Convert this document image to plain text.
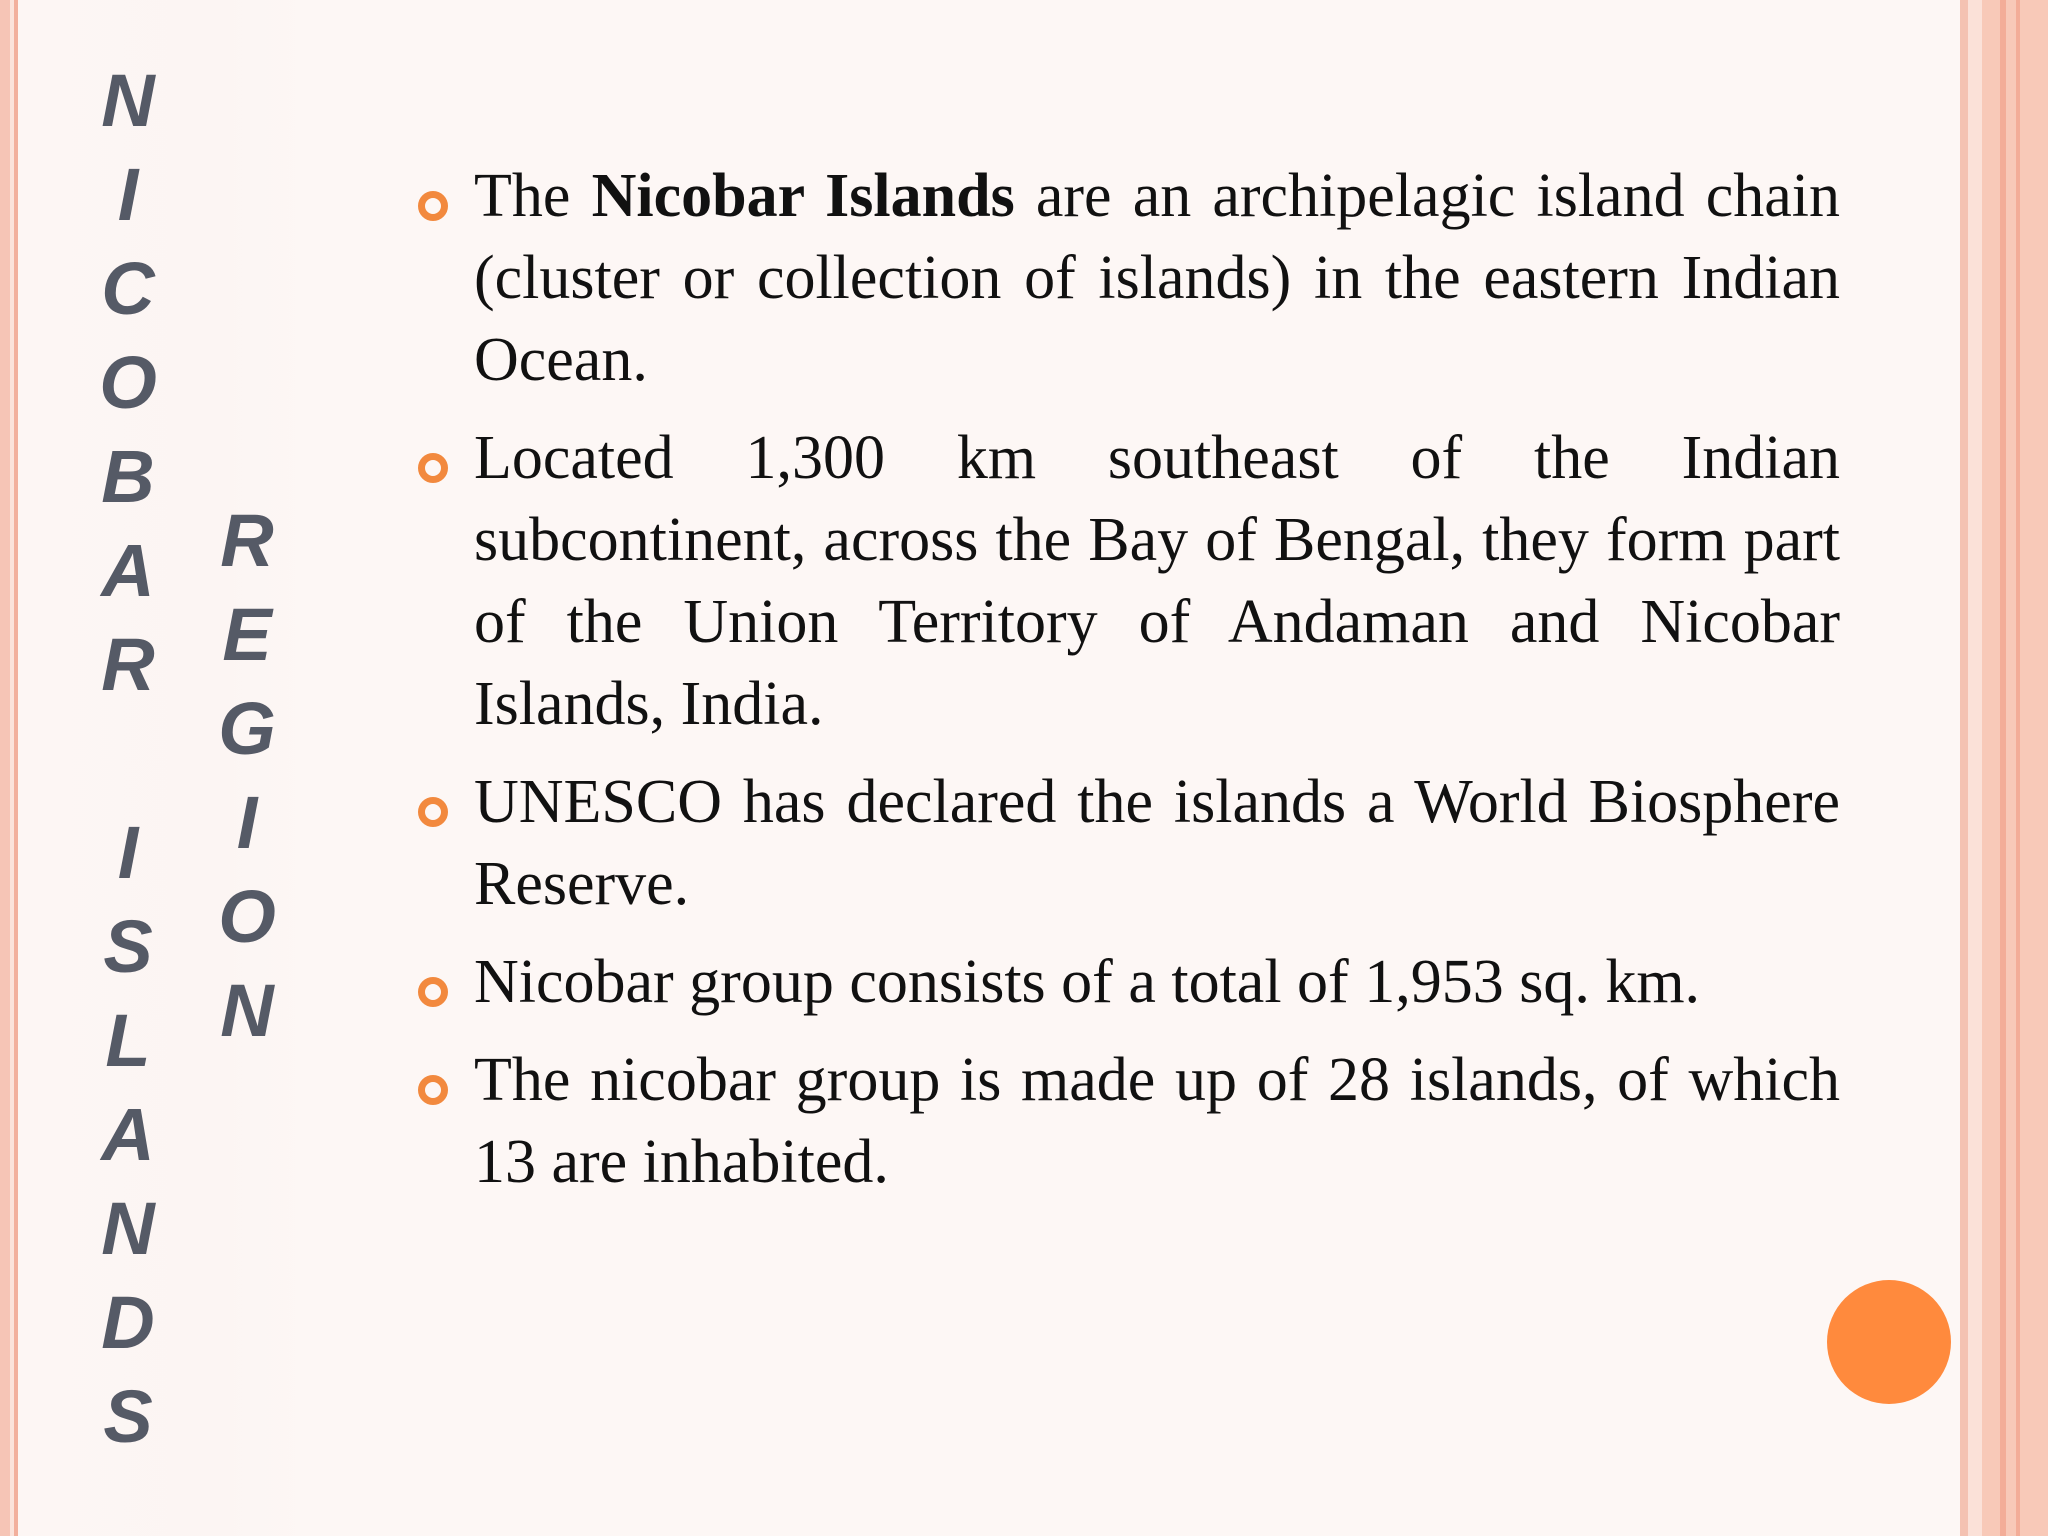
N
I
C
O
B
A
R
I
S
L
A
N
D
S
R
E
G
I
O
N
The Nicobar Islands are an archipelagic island chain (cluster or collection of islands) in the eastern Indian Ocean.
Located 1,300 km southeast of the Indian subcontinent, across the Bay of Bengal, they form part of the Union Territory of Andaman and Nicobar Islands, India.
UNESCO has declared the islands a World Biosphere Reserve.
Nicobar group consists of a total of 1,953 sq. km.
The nicobar group is made up of 28 islands, of which 13 are inhabited.
